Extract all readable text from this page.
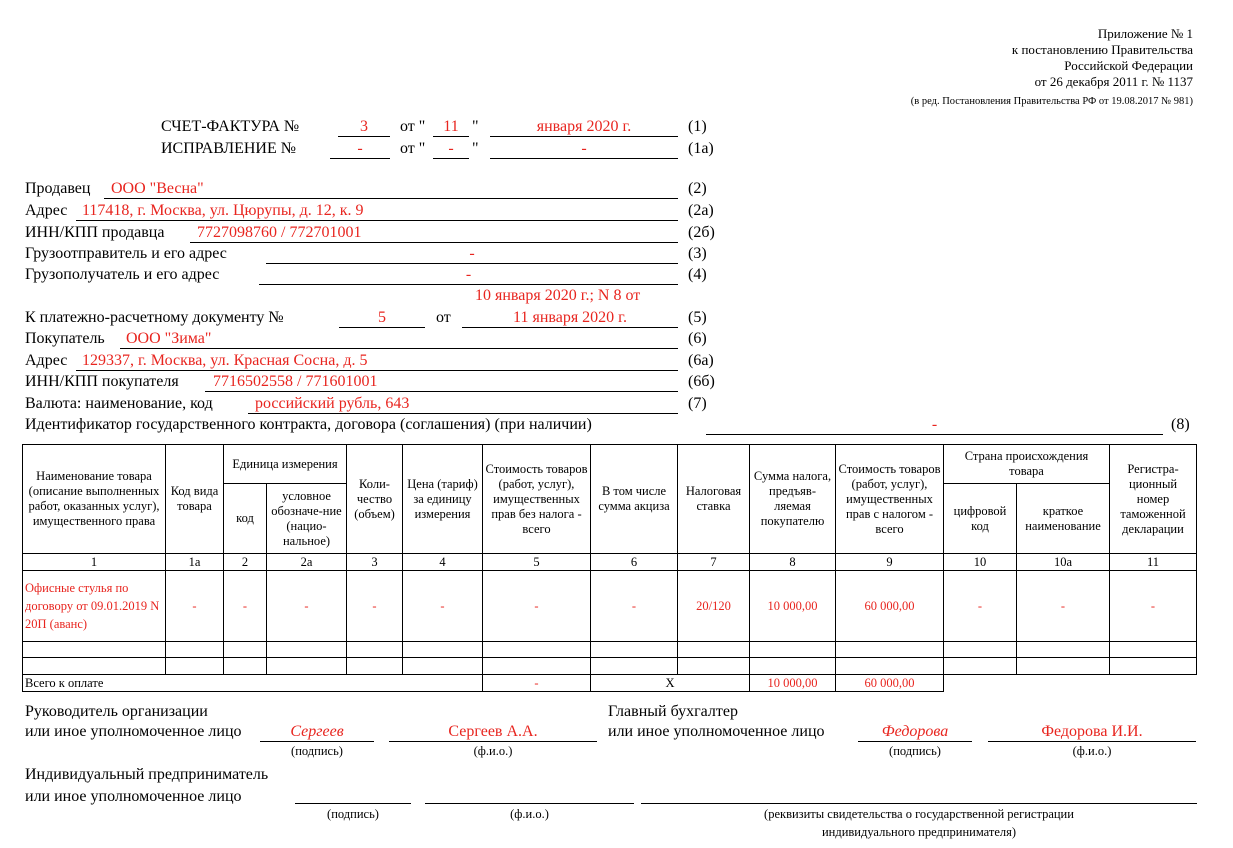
Приложение № 1
к постановлению Правительства
Российской Федерации
от 26 декабря 2011 г. № 1137
(в ред. Постановления Правительства РФ от 19.08.2017 № 981)
СЧЕТ-ФАКТУРА №	3	от "	11 "	января 2020 г.	(1)
ИСПРАВЛЕНИЕ №	-	от "	-	"	-	(1а)
Продавец ООО "Весна"	(2)
Адрес 117418, г. Москва, ул. Цюрупы, д. 12, к. 9	(2а)
ИНН/КПП продавца 7727098760 / 772701001	(2б)
Грузоотправитель и его адрес	-	(3)
Грузополучатель и его адрес	-	(4)
10 января 2020 г.; N 8 от
К платежно-расчетному документу №	5	от	11 января 2020 г.	(5)
Покупатель ООО "Зима"	(6)
Адрес 129337, г. Москва, ул. Красная Сосна, д. 5	(6а)
ИНН/КПП покупателя 7716502558 / 771601001	(6б)
Валюта: наименование, код	российский рубль, 643	(7)
Идентификатор государственного контракта, договора (соглашения) (при наличии)	-	(8)
Наименование товара (описание выполненных работ, оказанных услуг), имущественного права	Код вида товара	Единица измерения		Коли-чество (объем)	Цена (тариф) за единицу измерения	Стоимость товаров (работ, услуг), имущественных прав без налога - всего	В том числе сумма акциза	Налоговая ставка	Сумма налога, предъяв-ляемая покупателю	Стоимость товаров (работ, услуг), имущественных прав с налогом - всего	Страна происхождения товара		Регистра-ционный номер таможенной декларации
		код	условное обозначе-ние (нацио-нальное)								цифровой код	краткое наименование	
1	1а	2	2а	3	4	5	6	7	8	9	10	10а	11
Офисные стулья по договору от 09.01.2019 N 20П (аванс)	-	-	-	-	-	-	-	20/120	10 000,00	60 000,00	-	-	-

Всего к оплате						-	X		10 000,00	60 000,00			
Руководитель организации
или иное уполномоченное лицо	Сергеев	Сергеев А.А.
(подпись)	(ф.и.о.)
Главный бухгалтер
или иное уполномоченное лицо	Федорова	Федорова И.И.
(подпись)	(ф.и.о.)
Индивидуальный предприниматель
или иное уполномоченное лицо
(подпись)	(ф.и.о.)	(реквизиты свидетельства о государственной регистрации
индивидуального предпринимателя)
